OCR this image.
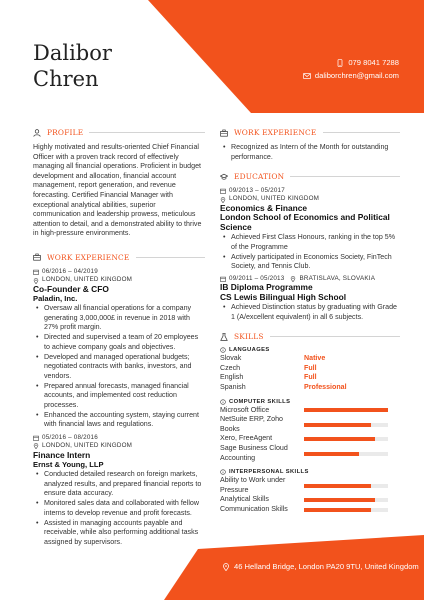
Dalibor
Chren
079 8041 7288
daliborchren@gmail.com
PROFILE

Highly motivated and results-oriented Chief Financial Officer with a proven track record of effectively managing all financial operations. Proficient in budget development and allocation, financial account management, report generation, and revenue forecasting. Certified Financial Manager with exceptional analytical abilities, superior communication and leadership prowess, meticulous attention to detail, and a demonstrated ability to thrive in high-pressure environments.

WORK EXPERIENCE
06/2016 – 04/2019
LONDON, UNITED KINGDOM
Co-Founder & CFO
Paladin, Inc.
• Oversaw all financial operations for a company generating 3,000,000£ in revenue in 2018 with 27% profit margin.
• Directed and supervised a team of 20 employees to achieve company goals and objectives.
• Developed and managed operational budgets; negotiated contracts with banks, investors, and vendors.
• Prepared annual forecasts, managed financial accounts, and implemented cost reduction processes.
• Enhanced the accounting system, staying current with financial laws and regulations.
05/2016 – 08/2016
LONDON, UNITED KINGDOM
Finance Intern
Ernst & Young, LLP
• Conducted detailed research on foreign markets, analyzed results, and prepared financial reports to ensure data accuracy.
• Monitored sales data and collaborated with fellow interns to develop revenue and profit forecasts.
• Assisted in managing accounts payable and receivable, while also performing additional tasks assigned by supervisors.
WORK EXPERIENCE
• Recognized as Intern of the Month for outstanding performance.
EDUCATION
09/2013 – 05/2017
LONDON, UNITED KINGDOM
Economics & Finance
London School of Economics and Political Science
• Achieved First Class Honours, ranking in the top 5% of the Programme
• Actively participated in Economics Society, FinTech Society, and Tennis Club.
09/2011 – 05/2013 BRATISLAVA, SLOVAKIA
IB Diploma Programme
CS Lewis Bilingual High School
• Achieved Distinction status by graduating with Grade 1 (A/excellent equivalent) in all 6 subjects.
SKILLS
LANGUAGES
Slovak	Native
Czech	Full
English	Full
Spanish	Professional
COMPUTER SKILLS
Microsoft Office
NetSuite ERP, Zoho Books
Xero, FreeAgent
Sage Business Cloud Accounting
INTERPERSONAL SKILLS
Ability to Work under Pressure
Analytical Skills
Communication Skills
46 Helland Bridge, London PA20 9TU, United Kingdom
